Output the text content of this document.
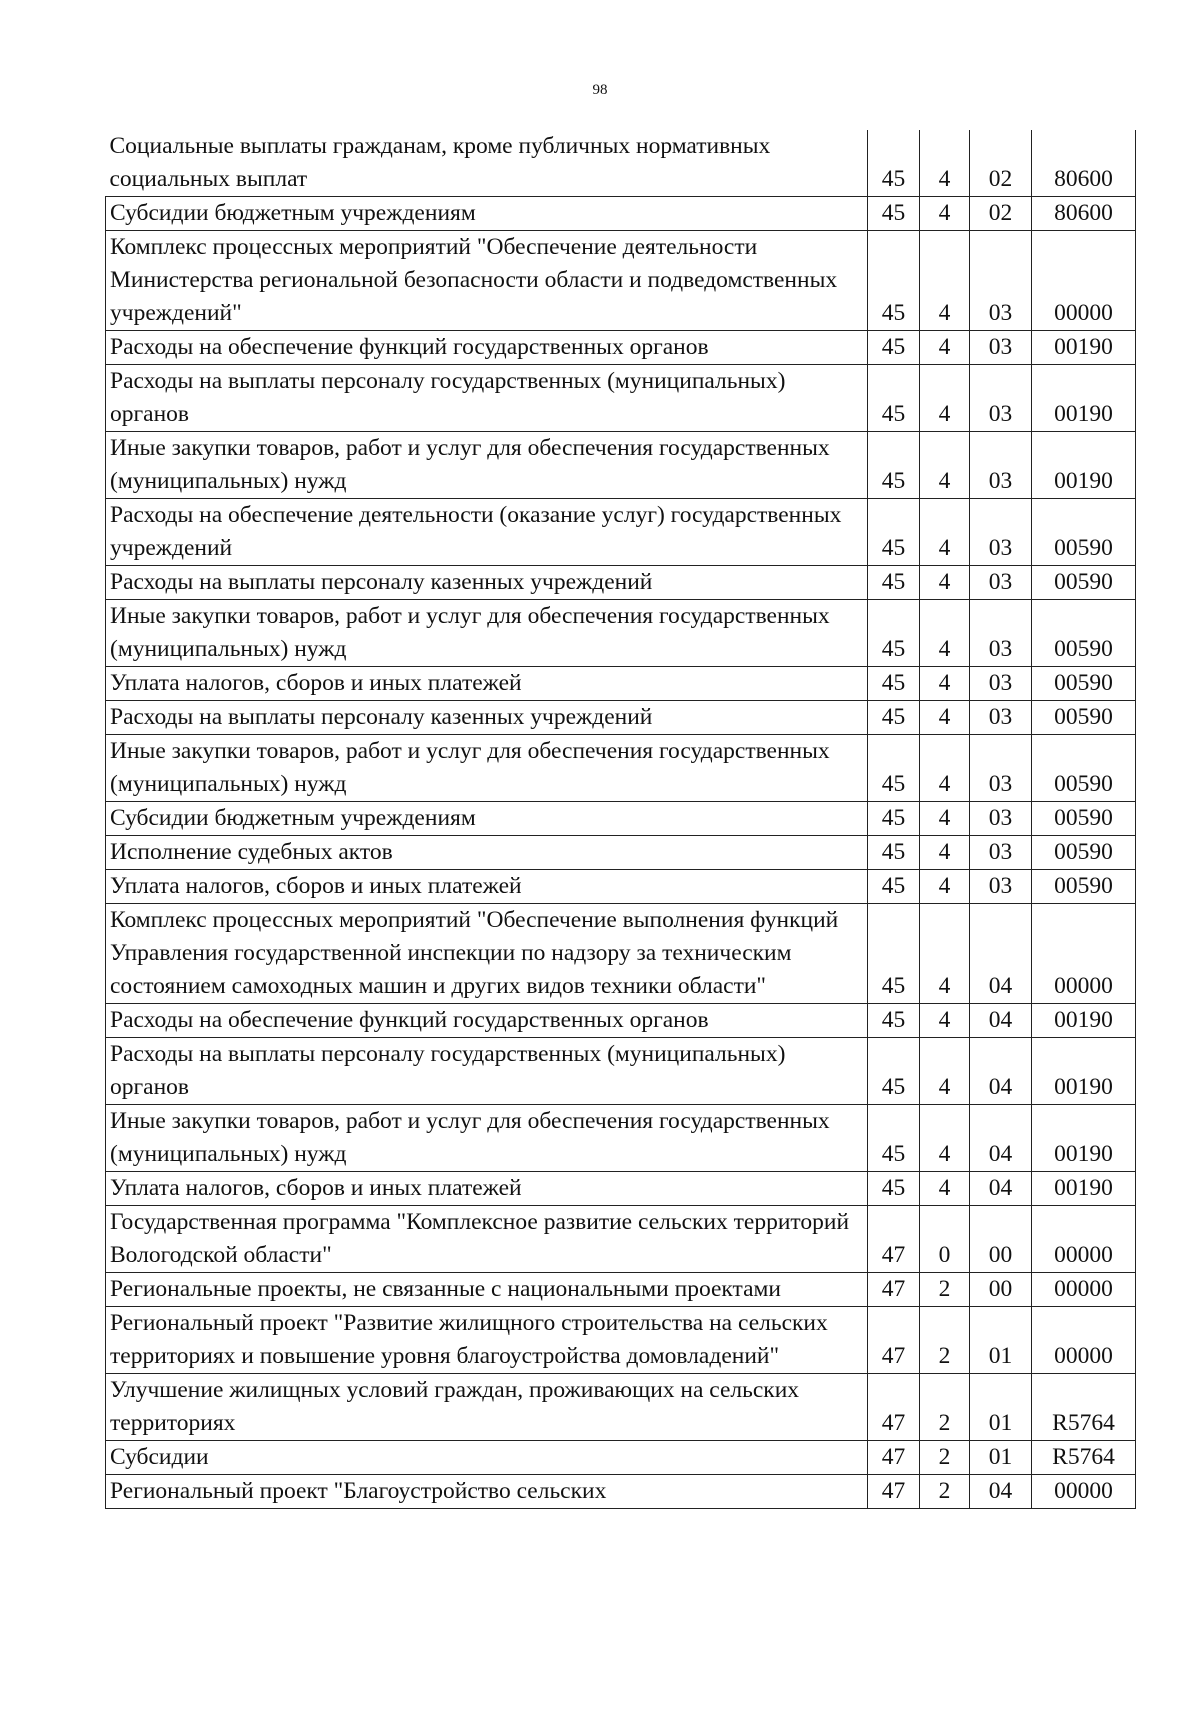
98
Социальные выплаты гражданам, кроме публичных нормативных социальных выплат	45	4	02	80600
Субсидии бюджетным учреждениям	45	4	02	80600
Комплекс процессных мероприятий "Обеспечение деятельности Министерства региональной безопасности области и подведомственных учреждений"	45	4	03	00000
Расходы на обеспечение функций государственных органов	45	4	03	00190
Расходы на выплаты персоналу государственных (муниципальных) органов	45	4	03	00190
Иные закупки товаров, работ и услуг для обеспечения государственных (муниципальных) нужд	45	4	03	00190
Расходы на обеспечение деятельности (оказание услуг) государственных учреждений	45	4	03	00590
Расходы на выплаты персоналу казенных учреждений	45	4	03	00590
Иные закупки товаров, работ и услуг для обеспечения государственных (муниципальных) нужд	45	4	03	00590
Уплата налогов, сборов и иных платежей	45	4	03	00590
Расходы на выплаты персоналу казенных учреждений	45	4	03	00590
Иные закупки товаров, работ и услуг для обеспечения государственных (муниципальных) нужд	45	4	03	00590
Субсидии бюджетным учреждениям	45	4	03	00590
Исполнение судебных актов	45	4	03	00590
Уплата налогов, сборов и иных платежей	45	4	03	00590
Комплекс процессных мероприятий "Обеспечение выполнения функций Управления государственной инспекции по надзору за техническим состоянием самоходных машин и других видов техники области"	45	4	04	00000
Расходы на обеспечение функций государственных органов	45	4	04	00190
Расходы на выплаты персоналу государственных (муниципальных) органов	45	4	04	00190
Иные закупки товаров, работ и услуг для обеспечения государственных (муниципальных) нужд	45	4	04	00190
Уплата налогов, сборов и иных платежей	45	4	04	00190
Государственная программа "Комплексное развитие сельских территорий Вологодской области"	47	0	00	00000
Региональные проекты, не связанные с национальными проектами	47	2	00	00000
Региональный проект "Развитие жилищного строительства на сельских территориях и повышение уровня благоустройства домовладений"	47	2	01	00000
Улучшение жилищных условий граждан, проживающих на сельских территориях	47	2	01	R5764
Субсидии	47	2	01	R5764
Региональный проект "Благоустройство сельских	47	2	04	00000
